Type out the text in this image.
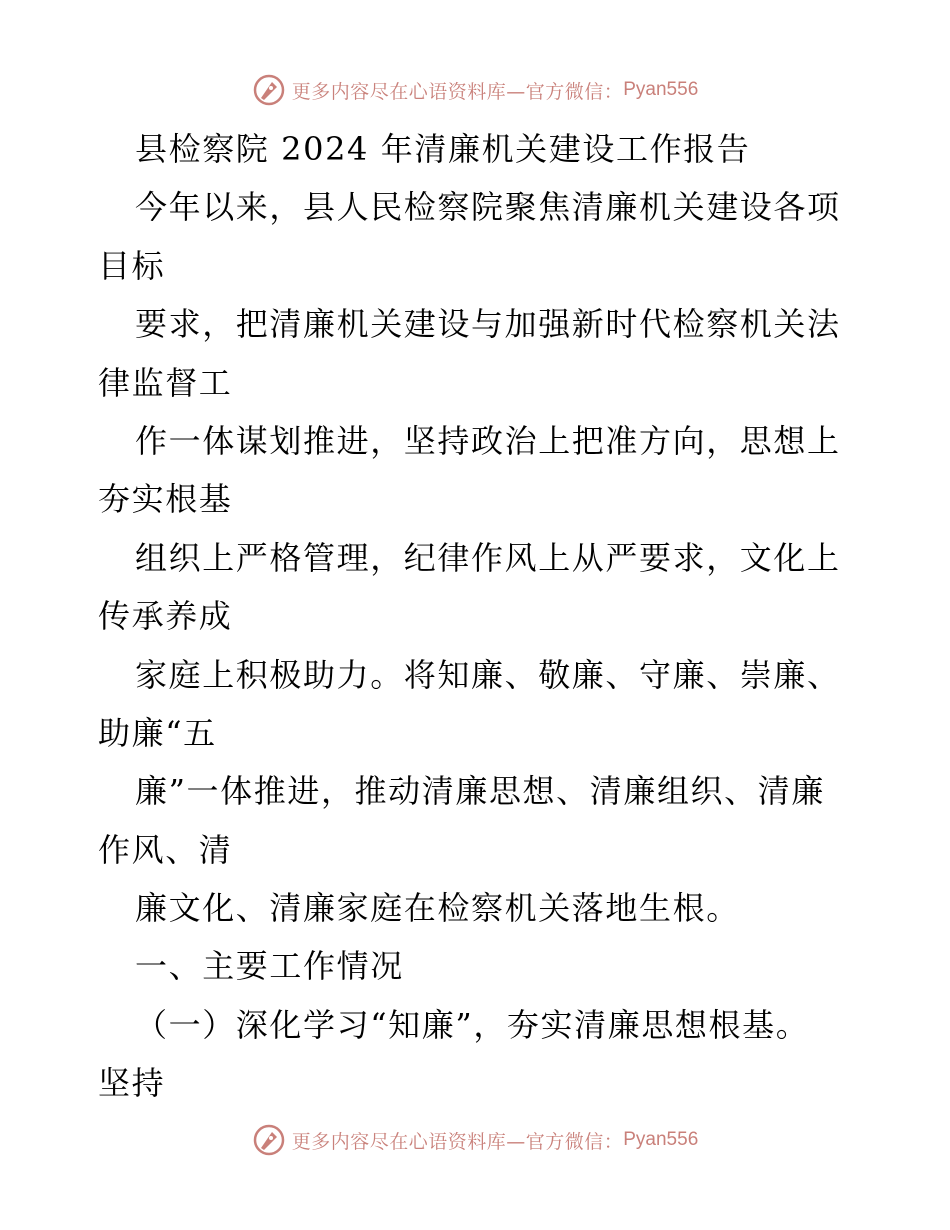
更多内容尽在心语资料库—官方微信： Pyan556
县检察院 2024 年清廉机关建设工作报告
今年以来，县人民检察院聚焦清廉机关建设各项
目标
要求，把清廉机关建设与加强新时代检察机关法
律监督工
作一体谋划推进，坚持政治上把准方向，思想上
夯实根基
组织上严格管理，纪律作风上从严要求，文化上
传承养成
家庭上积极助力。将知廉、敬廉、守廉、崇廉、
助廉“五
廉”一体推进，推动清廉思想、清廉组织、清廉
作风、清
廉文化、清廉家庭在检察机关落地生根。
一、主要工作情况
（一）深化学习“知廉”，夯实清廉思想根基。
坚持
更多内容尽在心语资料库—官方微信： Pyan556
